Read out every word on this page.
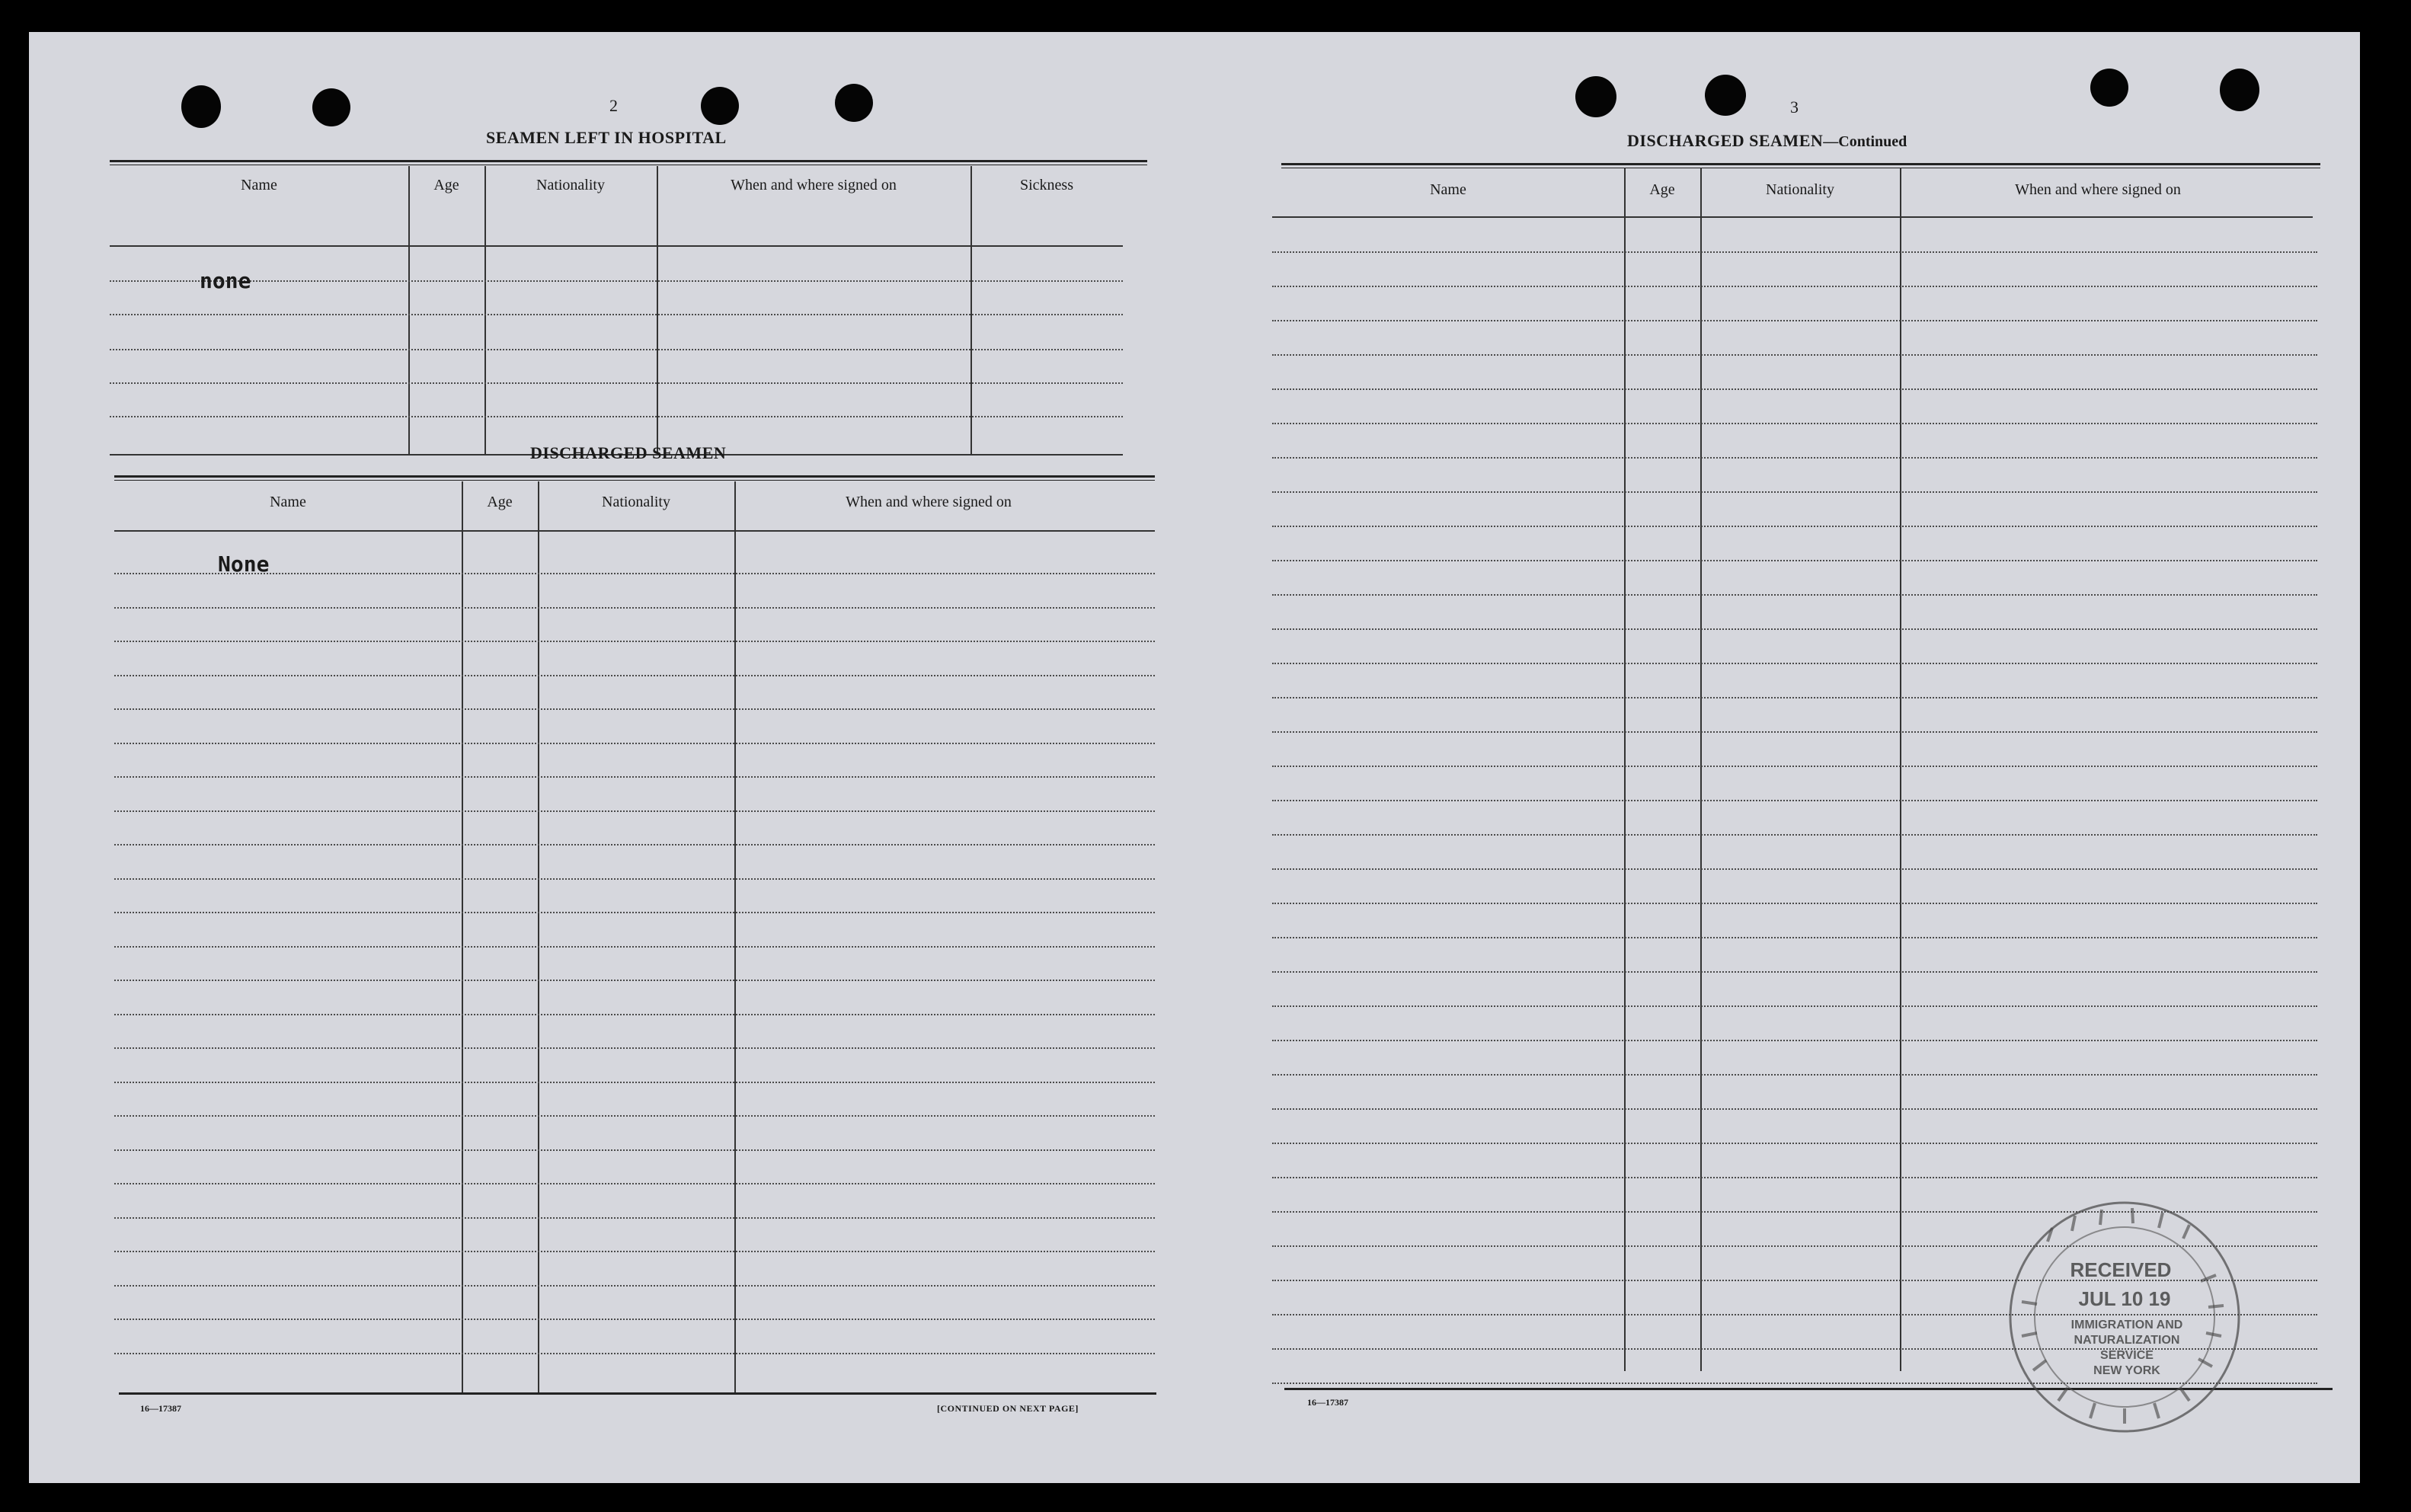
2
SEAMEN LEFT IN HOSPITAL
Name	Age	Nationality	When and where signed on	Sickness
none
DISCHARGED SEAMEN
Name	Age	Nationality	When and where signed on
None
16—17387	[CONTINUED ON NEXT PAGE]
3
DISCHARGED SEAMEN—Continued
Name	Age	Nationality	When and where signed on
16—17387
RECEIVED
JUL 10 19
IMMIGRATION AND
NATURALIZATION
SERVICE
NEW YORK
